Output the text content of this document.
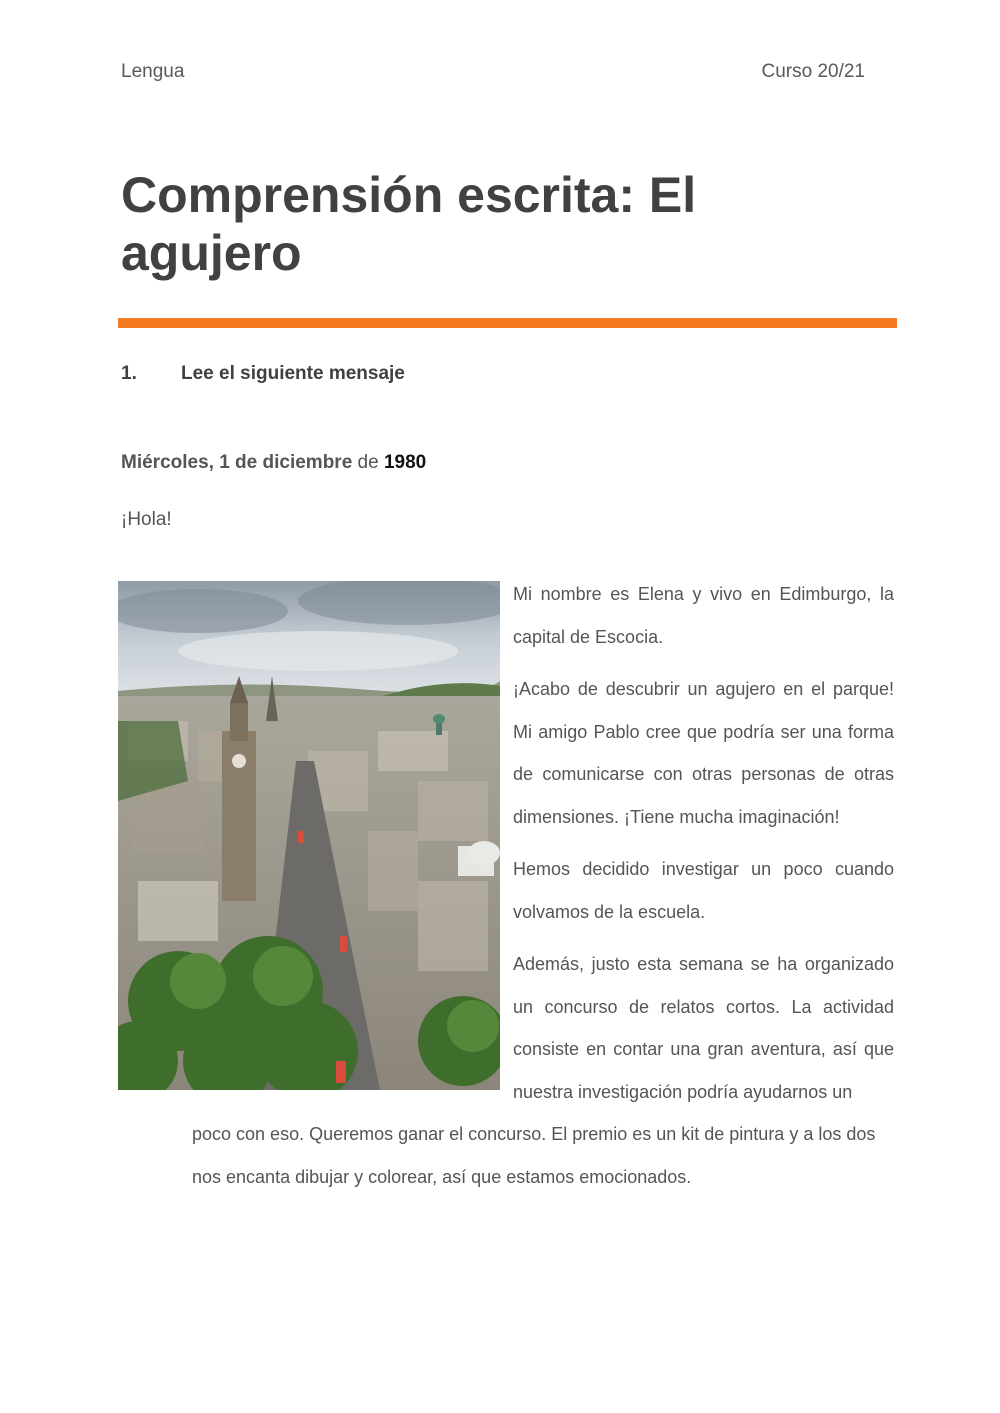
Lengua	Curso 20/21
Comprensión escrita: El agujero
1. Lee el siguiente mensaje
Miércoles, 1 de diciembre de 1980
¡Hola!

Mi nombre es Elena y vivo en Edimburgo, la capital de Escocia.

¡Acabo de descubrir un agujero en el parque! Mi amigo Pablo cree que podría ser una forma de comunicarse con otras personas de otras dimensiones. ¡Tiene mucha imaginación!

Hemos decidido investigar un poco cuando volvamos de la escuela.

Además, justo esta semana se ha organizado un concurso de relatos cortos. La actividad consiste en contar una gran aventura, así que nuestra investigación podría ayudarnos un

poco con eso. Queremos ganar el concurso. El premio es un kit de pintura y a los dos nos encanta dibujar y colorear, así que estamos emocionados.
